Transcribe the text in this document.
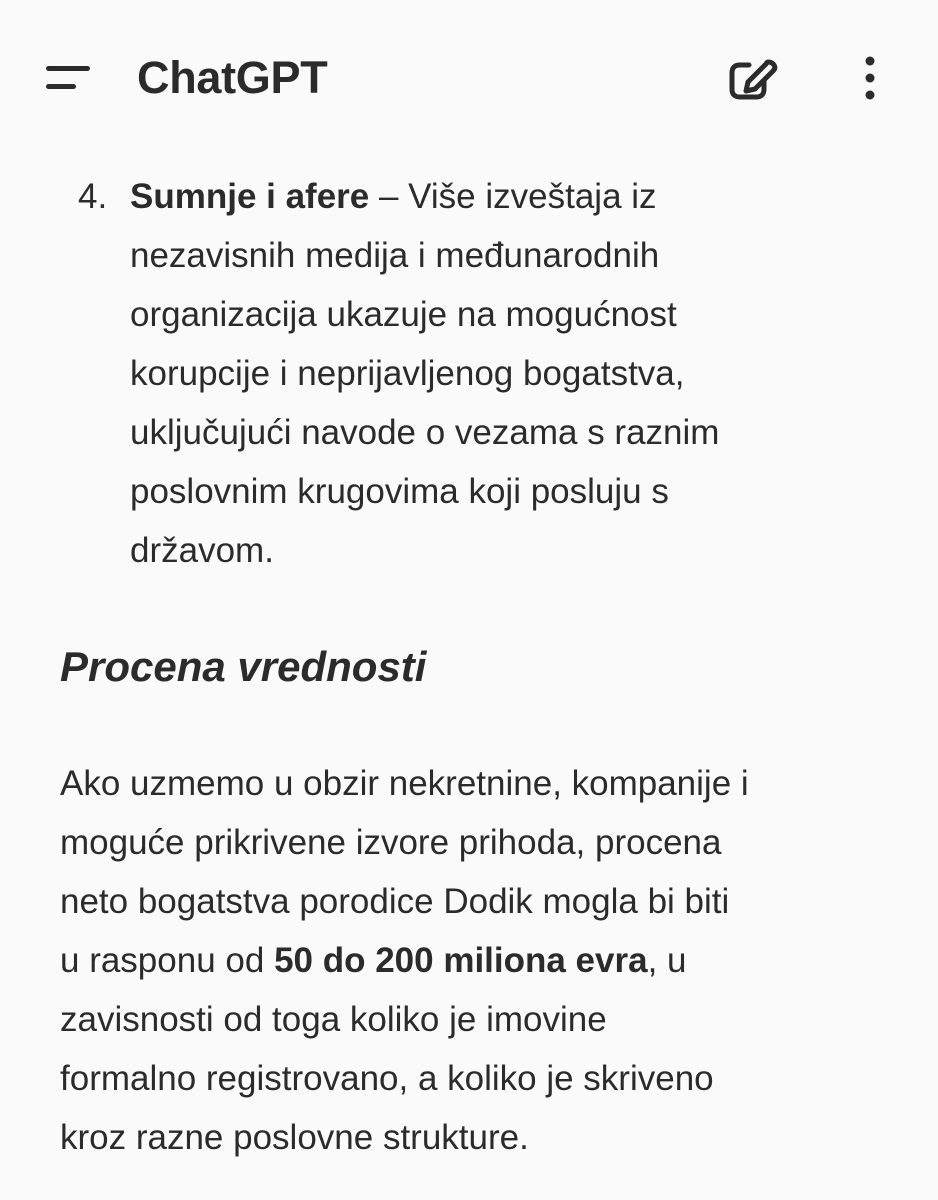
ChatGPT
4. Sumnje i afere – Više izveštaja iz
nezavisnih medija i međunarodnih
organizacija ukazuje na mogućnost
korupcije i neprijavljenog bogatstva,
uključujući navode o vezama s raznim
poslovnim krugovima koji posluju s
državom.

Procena vrednosti

Ako uzmemo u obzir nekretnine, kompanije i
moguće prikrivene izvore prihoda, procena
neto bogatstva porodice Dodik mogla bi biti
u rasponu od 50 do 200 miliona evra, u
zavisnosti od toga koliko je imovine
formalno registrovano, a koliko je skriveno
kroz razne poslovne strukture.
